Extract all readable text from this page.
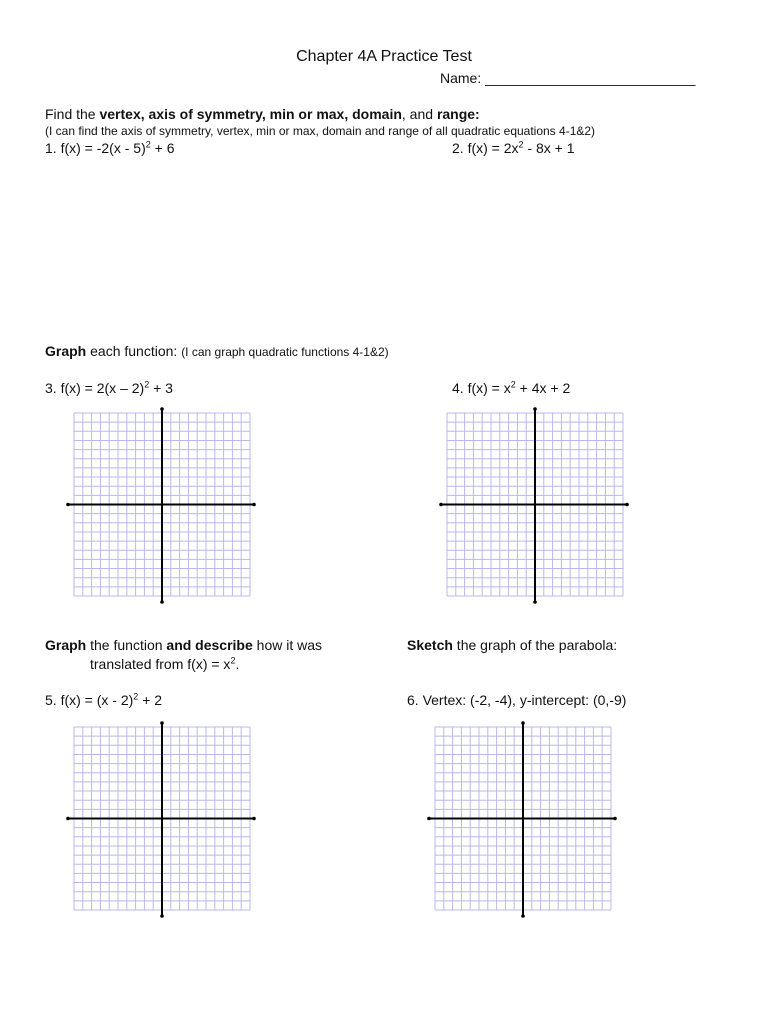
Chapter 4A Practice Test
Name: ___________________________
Find the vertex, axis of symmetry, min or max, domain, and range:
(I can find the axis of symmetry, vertex, min or max, domain and range of all quadratic equations 4-1&2)
1. f(x) = -2(x - 5)$^2$ + 6	2. $f(x) = 2x^2 - 8x + 1$
Graph each function: (I can graph quadratic functions 4-1&2)
3. f(x) = 2(x – 2)$^2$ + 3	4. $f(x) = x^2 + 4x + 2$
Graph the function and describe how it was
translated from $f(x) = x^2$.
5. f(x) = (x - 2)$^2$ + 2
Sketch the graph of the parabola:
6. Vertex: (-2, -4), y-intercept: (0,-9)
